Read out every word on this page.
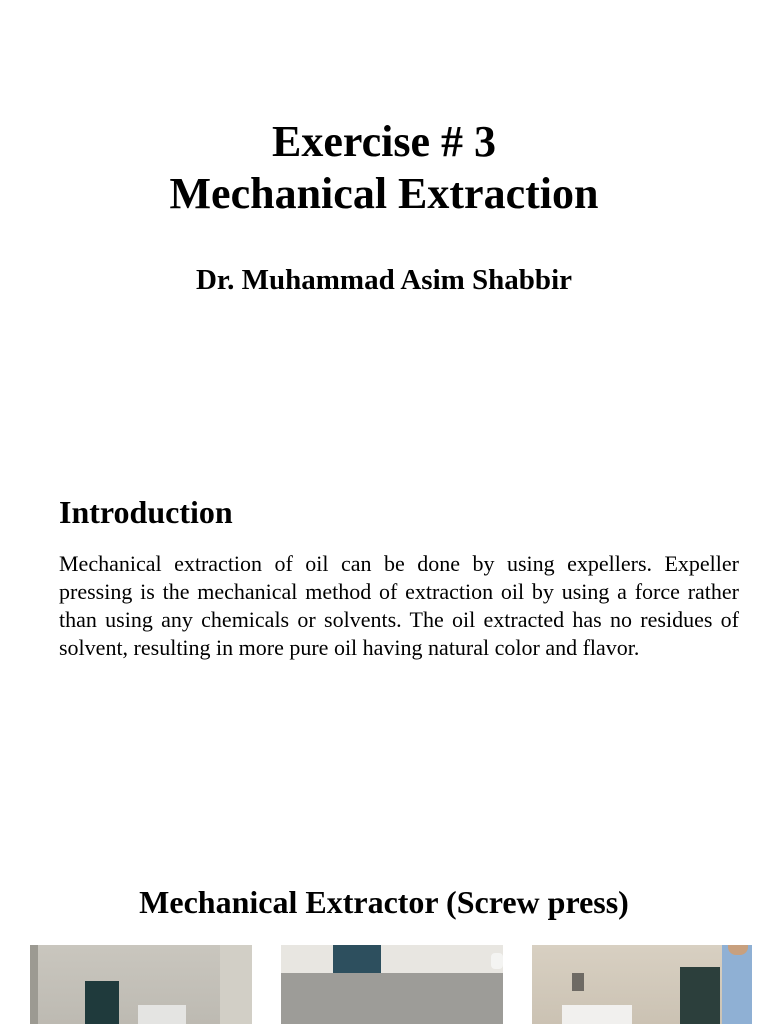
Exercise # 3
Mechanical Extraction
Dr. Muhammad Asim Shabbir
Introduction
Mechanical extraction of oil can be done by using expellers. Expeller pressing is the mechanical method of extraction oil by using a force rather than using any chemicals or solvents. The oil extracted has no residues of solvent, resulting in more pure oil having natural color and flavor.
Mechanical Extractor (Screw press)
